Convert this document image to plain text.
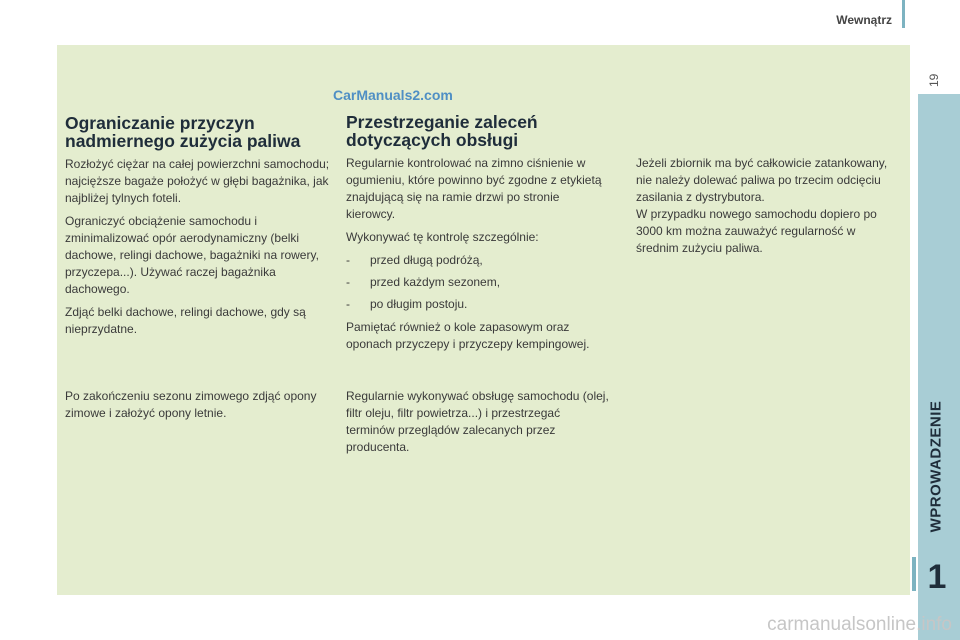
Wewnątrz
19
WPROWADZENIE
1
CarManuals2.com
Ograniczanie przyczyn nadmiernego zużycia paliwa

Rozłożyć ciężar na całej powierzchni samochodu; najcięższe bagaże położyć w głębi bagażnika, jak najbliżej tylnych foteli.

Ograniczyć obciążenie samochodu i zminimalizować opór aerodynamiczny (belki dachowe, relingi dachowe, bagażniki na rowery, przyczepa...). Używać raczej bagażnika dachowego.

Zdjąć belki dachowe, relingi dachowe, gdy są nieprzydatne.

Przestrzeganie zaleceń dotyczących obsługi

Regularnie kontrolować na zimno ciśnienie w ogumieniu, które powinno być zgodne z etykietą znajdującą się na ramie drzwi po stronie kierowcy.

Wykonywać tę kontrolę szczególnie:

-	przed długą podróżą,
-	przed każdym sezonem,
-	po długim postoju.

Pamiętać również o kole zapasowym oraz oponach przyczepy i przyczepy kempingowej.

Jeżeli zbiornik ma być całkowicie zatankowany, nie należy dolewać paliwa po trzecim odcięciu zasilania z dystrybutora.

W przypadku nowego samochodu dopiero po 3000 km można zauważyć regularność w średnim zużyciu paliwa.

Po zakończeniu sezonu zimowego zdjąć opony zimowe i założyć opony letnie.

Regularnie wykonywać obsługę samochodu (olej, filtr oleju, filtr powietrza...) i przestrzegać terminów przeglądów zalecanych przez producenta.

carmanualsonline.info
